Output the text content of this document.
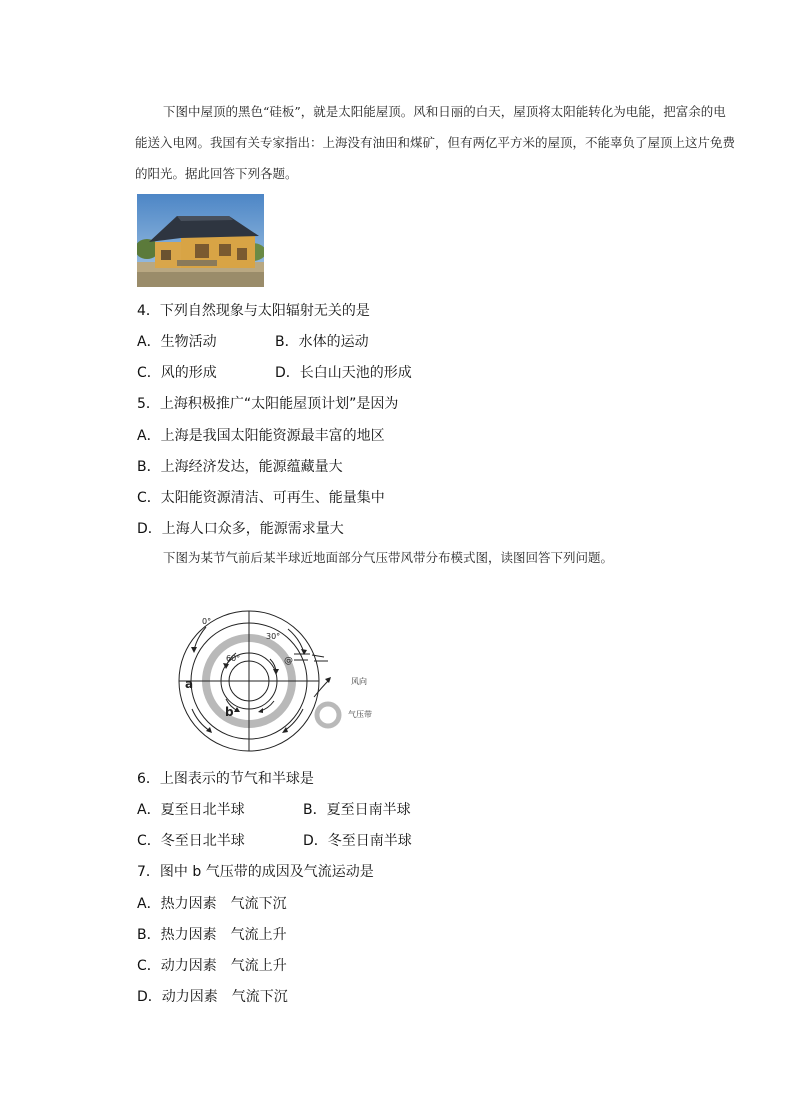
下图中屋顶的黑色“硅板”，就是太阳能屋顶。风和日丽的白天，屋顶将太阳能转化为电能，把富余的电能送入电网。我国有关专家指出：上海没有油田和煤矿，但有两亿平方米的屋顶，不能辜负了屋顶上这片免费的阳光。据此回答下列各题。

4．下列自然现象与太阳辐射无关的是
A．生物活动	B．水体的运动
C．风的形成	D．长白山天池的形成
5．上海积极推广“太阳能屋顶计划”是因为
A．上海是我国太阳能资源最丰富的地区
B．上海经济发达，能源蕴藏量大
C．太阳能资源清洁、可再生、能量集中
D．上海人口众多，能源需求量大

下图为某节气前后某半球近地面部分气压带风带分布模式图，读图回答下列问题。

0°
30°
60°
a
b
@
风向
气压带
6．上图表示的节气和半球是
A．夏至日北半球	B．夏至日南半球
C．冬至日北半球	D．冬至日南半球
7．图中 b 气压带的成因及气流运动是
A．热力因素　气流下沉
B．热力因素　气流上升
C．动力因素　气流上升
D．动力因素　气流下沉
